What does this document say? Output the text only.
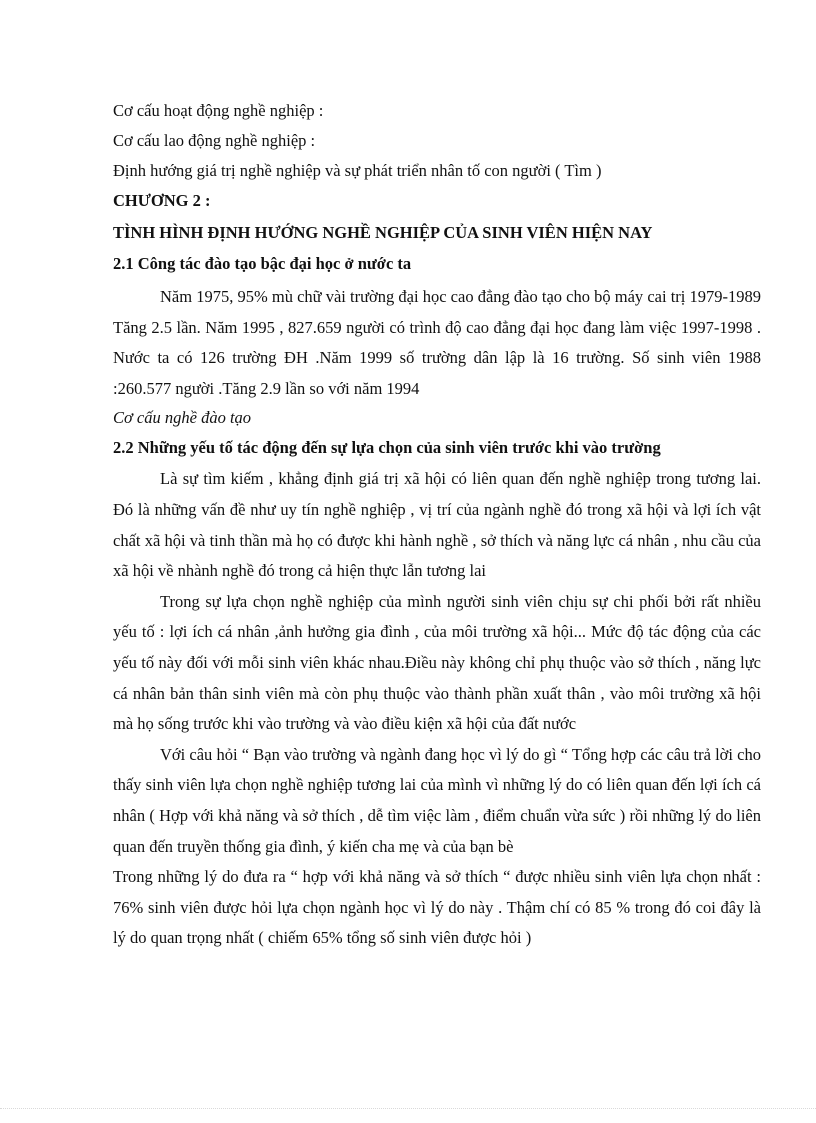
Cơ cấu hoạt động nghề nghiệp :
Cơ cấu lao động nghề nghiệp :
Định hướng giá trị nghề nghiệp và sự phát triển nhân tố con người ( Tìm )
CHƯƠNG 2 :
TÌNH HÌNH ĐỊNH HƯỚNG NGHỀ NGHIỆP CỦA SINH VIÊN HIỆN NAY
2.1 Công tác đào tạo bậc đại học ở nước ta

Năm 1975, 95% mù chữ vài trường đại học cao đẳng đào tạo cho bộ máy cai trị 1979-1989 Tăng 2.5 lần. Năm 1995 , 827.659 người có trình độ cao đẳng đại học đang làm việc 1997-1998 . Nước ta có 126 trường ĐH .Năm 1999 số trường dân lập là 16 trường. Số sinh viên 1988 :260.577 người .Tăng 2.9 lần so với năm 1994

Cơ cấu nghề đào tạo
2.2 Những yếu tố tác động đến sự lựa chọn của sinh viên trước khi vào trường

Là sự tìm kiếm , khẳng định giá trị xã hội có liên quan đến nghề nghiệp trong tương lai. Đó là những vấn đề như uy tín nghề nghiệp , vị trí của ngành nghề đó trong xã hội và lợi ích vật chất xã hội và tinh thần mà họ có được khi hành nghề , sở thích và năng lực cá nhân , nhu cầu của xã hội về nhành nghề đó trong cả hiện thực lẫn tương lai

Trong sự lựa chọn nghề nghiệp của mình người sinh viên chịu sự chi phối bởi rất nhiều yếu tố : lợi ích cá nhân ,ảnh hưởng gia đình , của môi trường xã hội... Mức độ tác động của các yếu tố này đối với mỗi sinh viên khác nhau.Điều này không chỉ phụ thuộc vào sở thích , năng lực cá nhân bản thân sinh viên mà còn phụ thuộc vào thành phần xuất thân , vào môi trường xã hội mà họ sống trước khi vào trường và vào điều kiện xã hội của đất nước

Với câu hỏi “ Bạn vào trường và ngành đang học vì lý do gì “ Tổng hợp các câu trả lời cho thấy sinh viên lựa chọn nghề nghiệp tương lai của mình vì những lý do có liên quan đến lợi ích cá nhân ( Hợp với khả năng và sở thích , dễ tìm việc làm , điểm chuẩn vừa sức ) rồi những lý do liên quan đến truyền thống gia đình, ý kiến cha mẹ và của bạn bè

Trong những lý do đưa ra “ hợp với khả năng và sở thích “ được nhiều sinh viên lựa chọn nhất : 76% sinh viên được hỏi lựa chọn ngành học vì lý do này . Thậm chí có 85 % trong đó coi đây là lý do quan trọng nhất ( chiếm 65% tổng số sinh viên được hỏi )
